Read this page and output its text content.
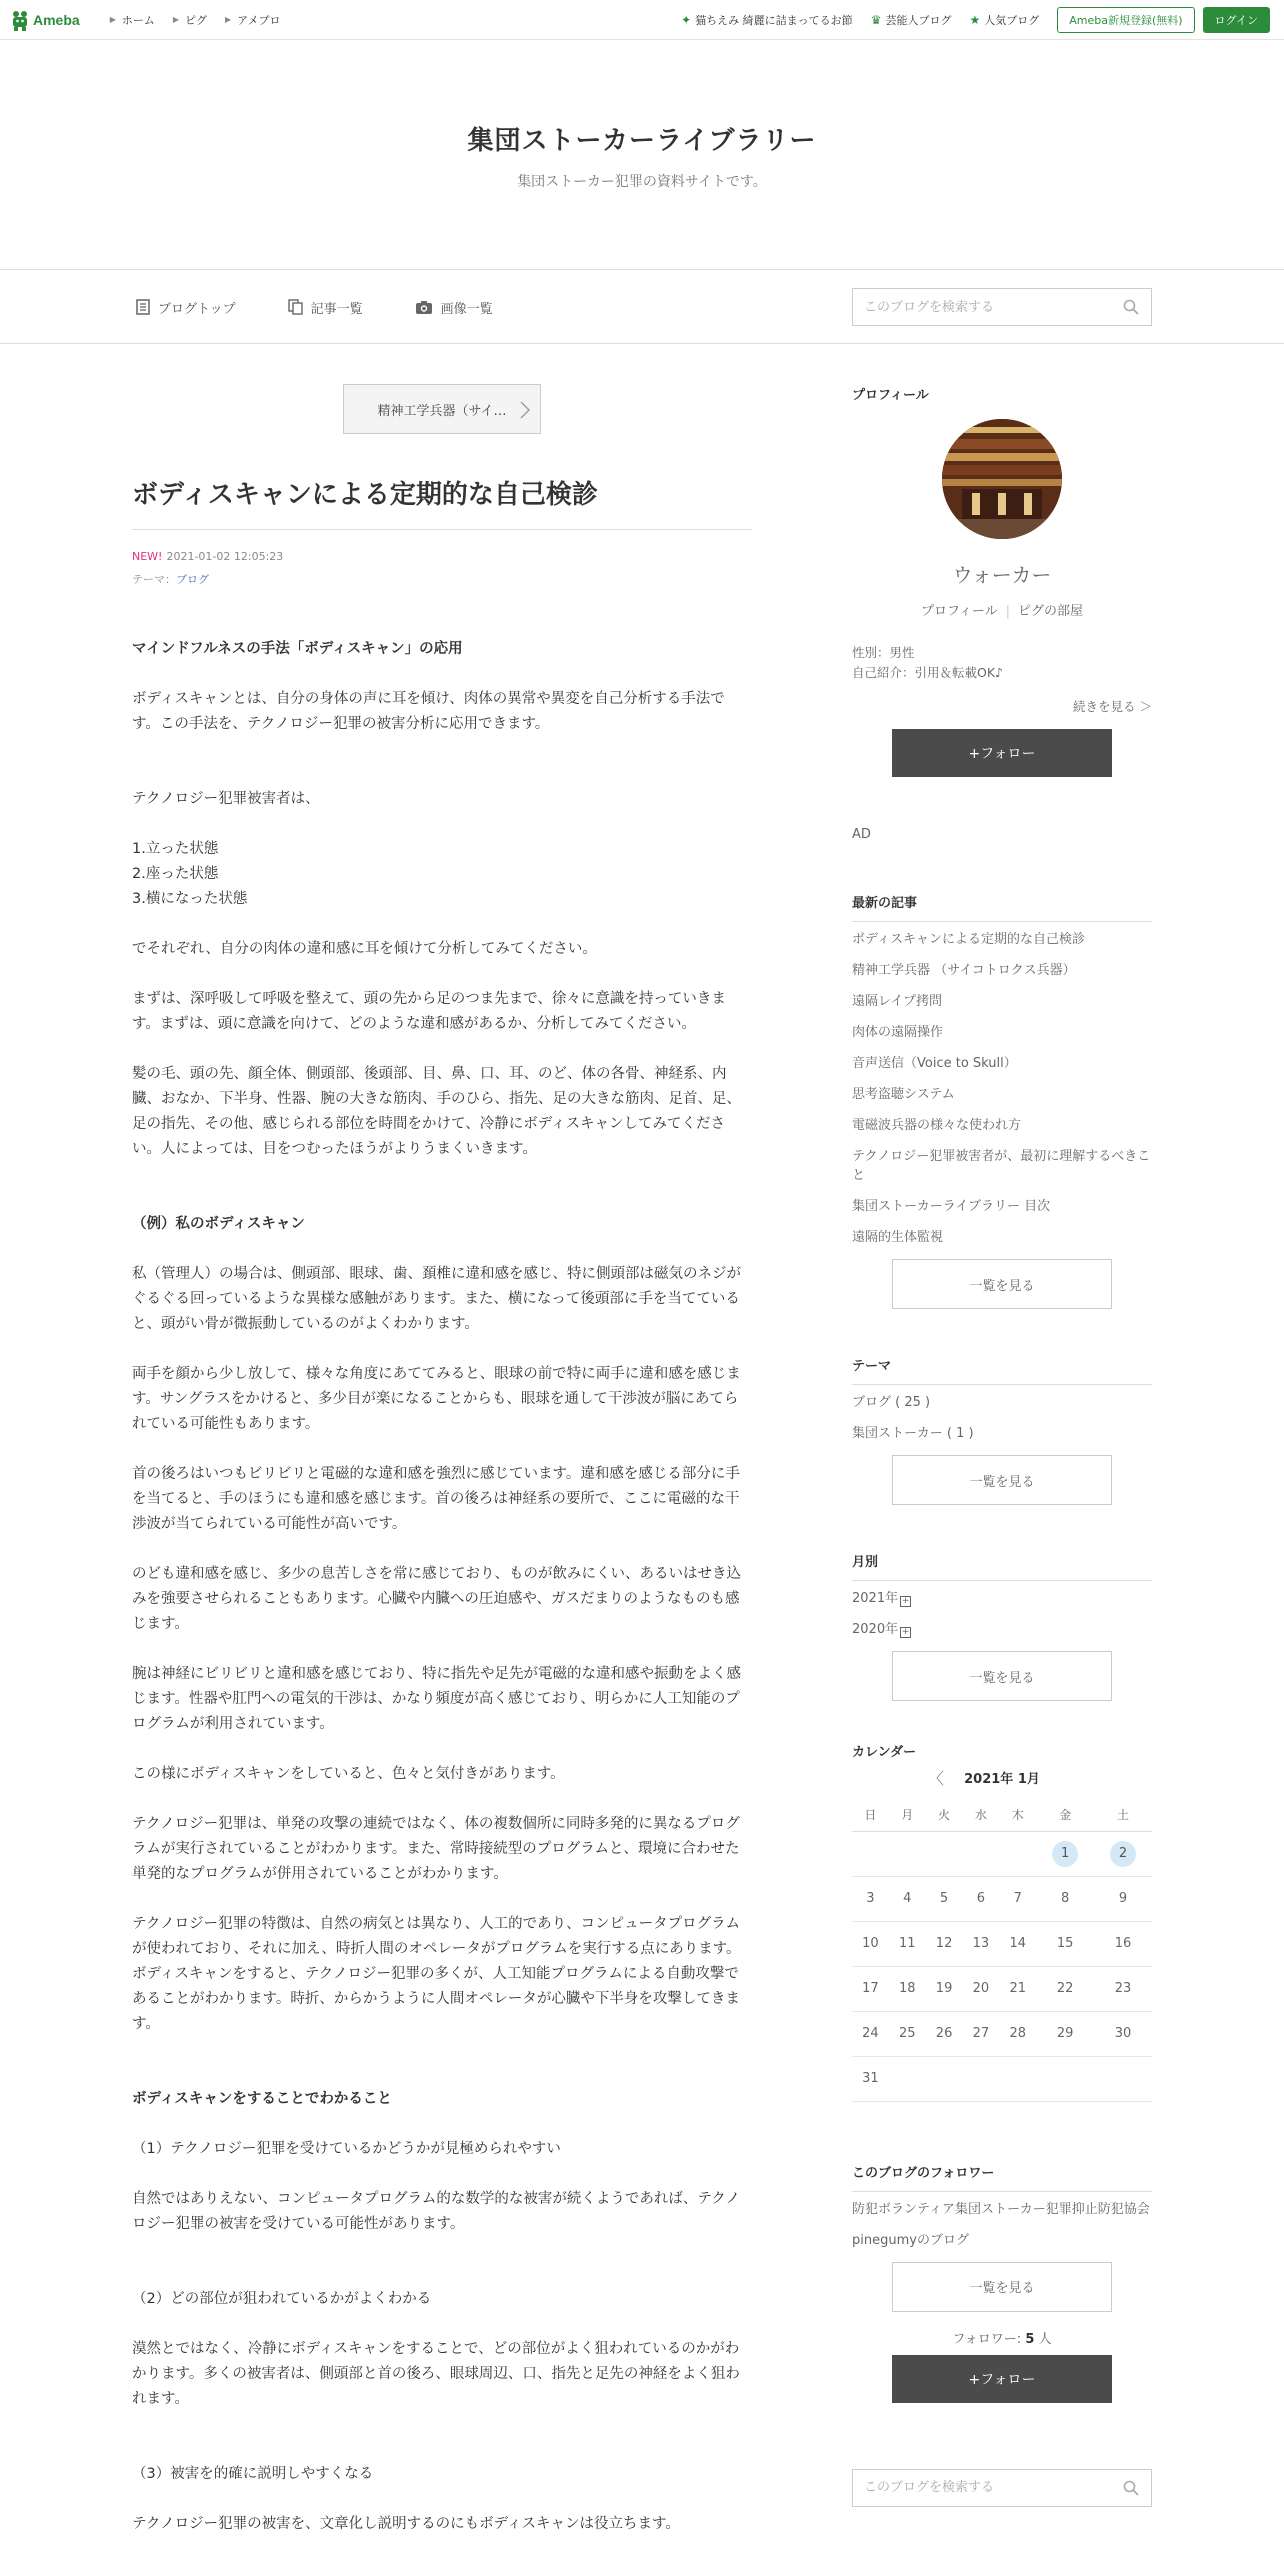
Ameba	▶ ホーム ▶ ピグ ▶ アメブロ	✦ 猫ちえみ 綺麗に詰まってるお節 ♛ 芸能人ブログ ★ 人気ブログ	Ameba新規登録(無料)	ログイン
集団ストーカーライブラリー
集団ストーカー犯罪の資料サイトです。
ブログトップ	記事一覧	画像一覧
このブログを検索する
精神工学兵器（サイ…
ボディスキャンによる定期的な自己検診
NEW! 2021-01-02 12:05:23
テーマ：ブログ

マインドフルネスの手法「ボディスキャン」の応用

ボディスキャンとは、自分の身体の声に耳を傾け、肉体の異常や異変を自己分析する手法です。この手法を、テクノロジー犯罪の被害分析に応用できます。

テクノロジー犯罪被害者は、

1.立った状態

2.座った状態

3.横になった状態

でそれぞれ、自分の肉体の違和感に耳を傾けて分析してみてください。

まずは、深呼吸して呼吸を整えて、頭の先から足のつま先まで、徐々に意識を持っていきます。まずは、頭に意識を向けて、どのような違和感があるか、分析してみてください。

髪の毛、頭の先、顔全体、側頭部、後頭部、目、鼻、口、耳、のど、体の各骨、神経系、内臓、おなか、下半身、性器、腕の大きな筋肉、手のひら、指先、足の大きな筋肉、足首、足、足の指先、その他、感じられる部位を時間をかけて、冷静にボディスキャンしてみてください。人によっては、目をつむったほうがよりうまくいきます。

（例）私のボディスキャン

私（管理人）の場合は、側頭部、眼球、歯、頚椎に違和感を感じ、特に側頭部は磁気のネジがぐるぐる回っているような異様な感触があります。また、横になって後頭部に手を当てていると、頭がい骨が微振動しているのがよくわかります。

両手を顔から少し放して、様々な角度にあててみると、眼球の前で特に両手に違和感を感じます。サングラスをかけると、多少目が楽になることからも、眼球を通して干渉波が脳にあてられている可能性もあります。

首の後ろはいつもビリビリと電磁的な違和感を強烈に感じています。違和感を感じる部分に手を当てると、手のほうにも違和感を感じます。首の後ろは神経系の要所で、ここに電磁的な干渉波が当てられている可能性が高いです。

のども違和感を感じ、多少の息苦しさを常に感じており、ものが飲みにくい、あるいはせき込みを強要させられることもあります。心臓や内臓への圧迫感や、ガスだまりのようなものも感じます。

腕は神経にビリビリと違和感を感じており、特に指先や足先が電磁的な違和感や振動をよく感じます。性器や肛門への電気的干渉は、かなり頻度が高く感じており、明らかに人工知能のプログラムが利用されています。

この様にボディスキャンをしていると、色々と気付きがあります。

テクノロジー犯罪は、単発の攻撃の連続ではなく、体の複数個所に同時多発的に異なるプログラムが実行されていることがわかります。また、常時接続型のプログラムと、環境に合わせた単発的なプログラムが併用されていることがわかります。

テクノロジー犯罪の特徴は、自然の病気とは異なり、人工的であり、コンピュータプログラムが使われており、それに加え、時折人間のオペレータがプログラムを実行する点にあります。ボディスキャンをすると、テクノロジー犯罪の多くが、人工知能プログラムによる自動攻撃であることがわかります。時折、からかうように人間オペレータが心臓や下半身を攻撃してきます。

ボディスキャンをすることでわかること

（1）テクノロジー犯罪を受けているかどうかが見極められやすい

自然ではありえない、コンピュータプログラム的な数学的な被害が続くようであれば、テクノロジー犯罪の被害を受けている可能性があります。

（2）どの部位が狙われているかがよくわかる

漠然とではなく、冷静にボディスキャンをすることで、どの部位がよく狙われているのかがわかります。多くの被害者は、側頭部と首の後ろ、眼球周辺、口、指先と足先の神経をよく狙われます。

（3）被害を的確に説明しやすくなる

テクノロジー犯罪の被害を、文章化し説明するのにもボディスキャンは役立ちます。

プロフィール
ウォーカー
プロフィール | ピグの部屋
性別：男性
自己紹介：引用＆転載OK♪
続きを見る ＞
+フォロー
AD
最新の記事
ボディスキャンによる定期的な自己検診
精神工学兵器 （サイコトロクス兵器）
遠隔レイプ拷問
肉体の遠隔操作
音声送信（Voice to Skull）
思考盗聴システム
電磁波兵器の様々な使われ方
テクノロジー犯罪被害者が、最初に理解するべきこと
集団ストーカーライブラリー 目次
遠隔的生体監視
一覧を見る
テーマ
ブログ ( 25 )
集団ストーカー ( 1 )
一覧を見る
月別
2021年 +
2020年 +
一覧を見る
カレンダー
〈 2021年 1月
日	月	火	水	木	金	土
					1	2
3	4	5	6	7	8	9
10	11	12	13	14	15	16
17	18	19	20	21	22	23
24	25	26	27	28	29	30
31						
このブログのフォロワー
防犯ボランティア集団ストーカー犯罪抑止防犯協会
pinegumyのブログ
一覧を見る
フォロワー: 5 人
+フォロー
このブログを検索する
